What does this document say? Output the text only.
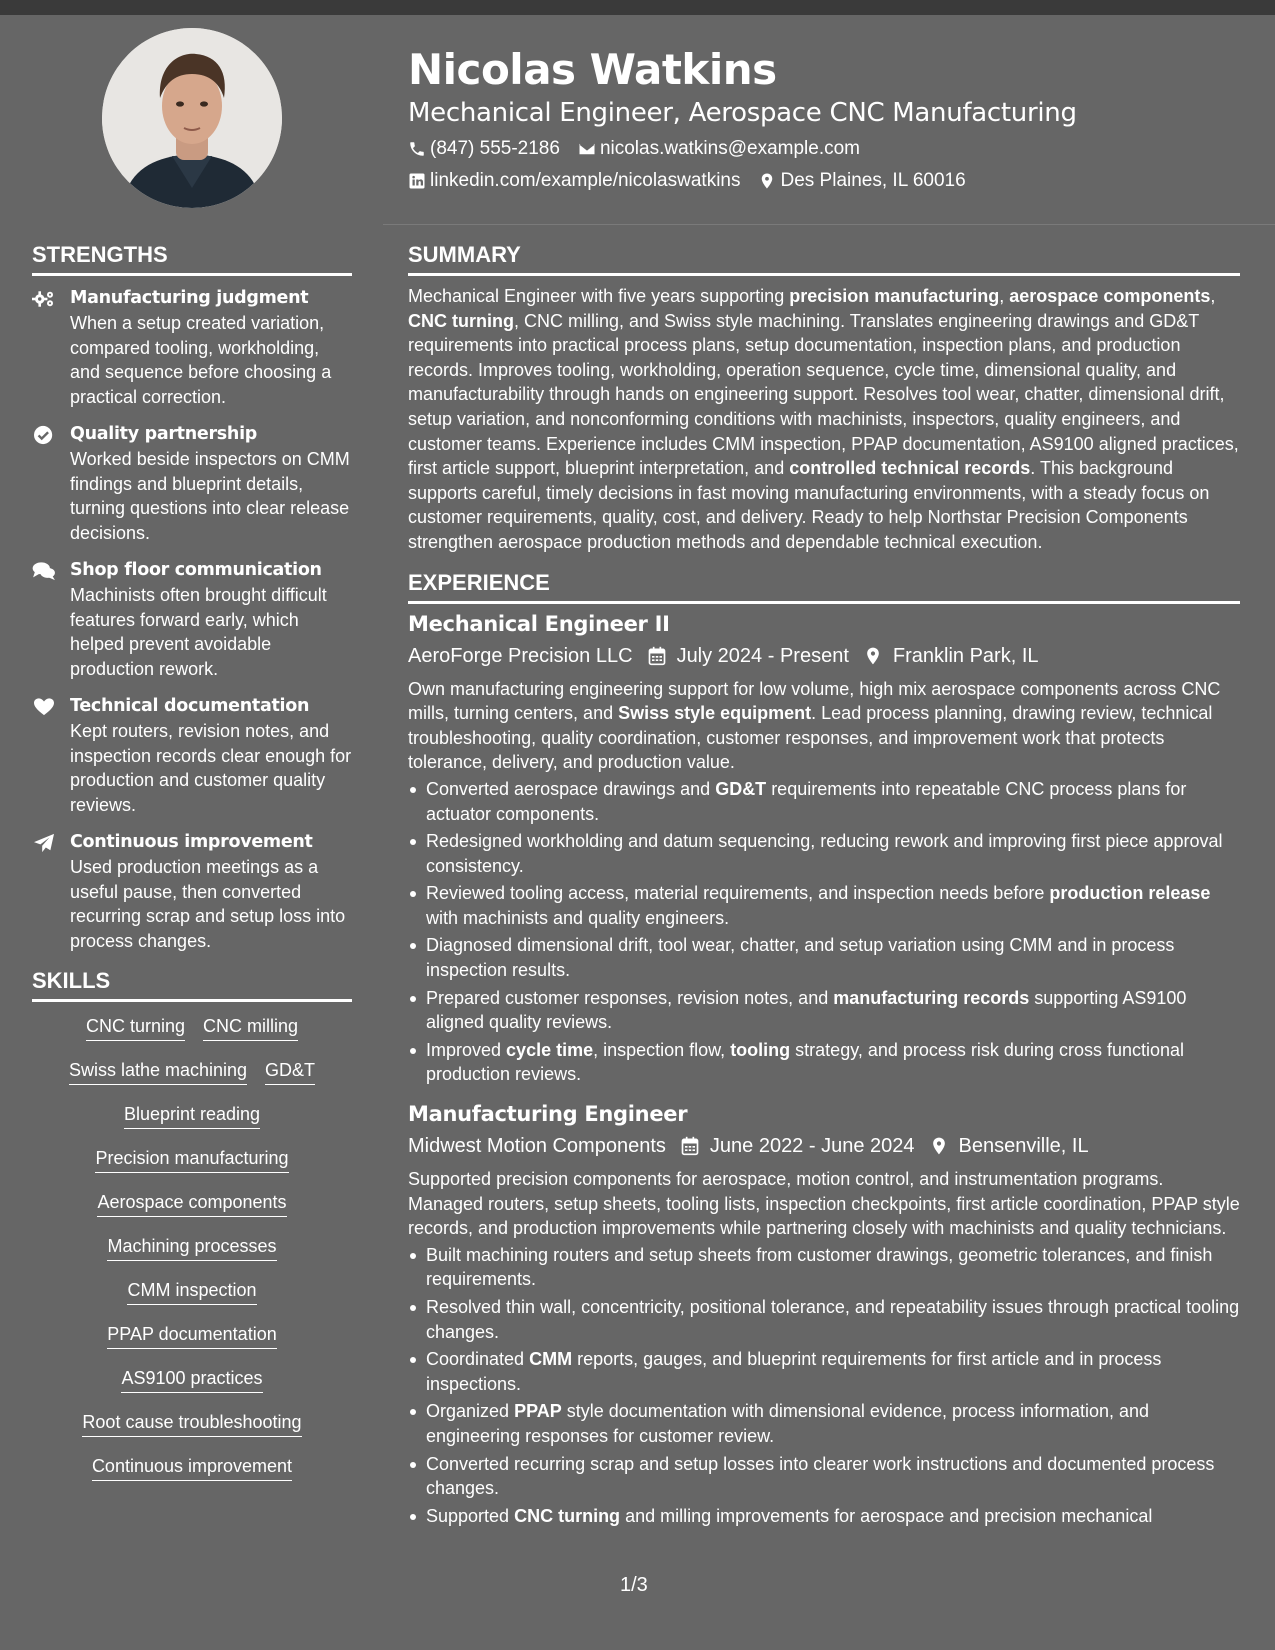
Nicolas Watkins
Mechanical Engineer, Aerospace CNC Manufacturing
(847) 555-2186 nicolas.watkins@example.com
linkedin.com/example/nicolaswatkins Des Plaines, IL 60016
STRENGTHS
Manufacturing judgment
When a setup created variation, compared tooling, workholding, and sequence before choosing a practical correction.
Quality partnership
Worked beside inspectors on CMM findings and blueprint details, turning questions into clear release decisions.
Shop floor communication
Machinists often brought difficult features forward early, which helped prevent avoidable production rework.
Technical documentation
Kept routers, revision notes, and inspection records clear enough for production and customer quality reviews.
Continuous improvement
Used production meetings as a useful pause, then converted recurring scrap and setup loss into process changes.
SKILLS
CNC turning CNC milling
Swiss lathe machining GD&T
Blueprint reading
Precision manufacturing
Aerospace components
Machining processes
CMM inspection
PPAP documentation
AS9100 practices
Root cause troubleshooting
Continuous improvement
SUMMARY
Mechanical Engineer with five years supporting precision manufacturing, aerospace components, CNC turning, CNC milling, and Swiss style machining. Translates engineering drawings and GD&T requirements into practical process plans, setup documentation, inspection plans, and production records. Improves tooling, workholding, operation sequence, cycle time, dimensional quality, and manufacturability through hands on engineering support. Resolves tool wear, chatter, dimensional drift, setup variation, and nonconforming conditions with machinists, inspectors, quality engineers, and customer teams. Experience includes CMM inspection, PPAP documentation, AS9100 aligned practices, first article support, blueprint interpretation, and controlled technical records. This background supports careful, timely decisions in fast moving manufacturing environments, with a steady focus on customer requirements, quality, cost, and delivery. Ready to help Northstar Precision Components strengthen aerospace production methods and dependable technical execution.
EXPERIENCE
Mechanical Engineer II
AeroForge Precision LLC July 2024 - Present Franklin Park, IL
Own manufacturing engineering support for low volume, high mix aerospace components across CNC mills, turning centers, and Swiss style equipment. Lead process planning, drawing review, technical troubleshooting, quality coordination, customer responses, and improvement work that protects tolerance, delivery, and production value.
Converted aerospace drawings and GD&T requirements into repeatable CNC process plans for actuator components.
Redesigned workholding and datum sequencing, reducing rework and improving first piece approval consistency.
Reviewed tooling access, material requirements, and inspection needs before production release with machinists and quality engineers.
Diagnosed dimensional drift, tool wear, chatter, and setup variation using CMM and in process inspection results.
Prepared customer responses, revision notes, and manufacturing records supporting AS9100 aligned quality reviews.
Improved cycle time, inspection flow, tooling strategy, and process risk during cross functional production reviews.
Manufacturing Engineer
Midwest Motion Components June 2022 - June 2024 Bensenville, IL
Supported precision components for aerospace, motion control, and instrumentation programs. Managed routers, setup sheets, tooling lists, inspection checkpoints, first article coordination, PPAP style records, and production improvements while partnering closely with machinists and quality technicians.
Built machining routers and setup sheets from customer drawings, geometric tolerances, and finish requirements.
Resolved thin wall, concentricity, positional tolerance, and repeatability issues through practical tooling changes.
Coordinated CMM reports, gauges, and blueprint requirements for first article and in process inspections.
Organized PPAP style documentation with dimensional evidence, process information, and engineering responses for customer review.
Converted recurring scrap and setup losses into clearer work instructions and documented process changes.
Supported CNC turning and milling improvements for aerospace and precision mechanical
1/3
